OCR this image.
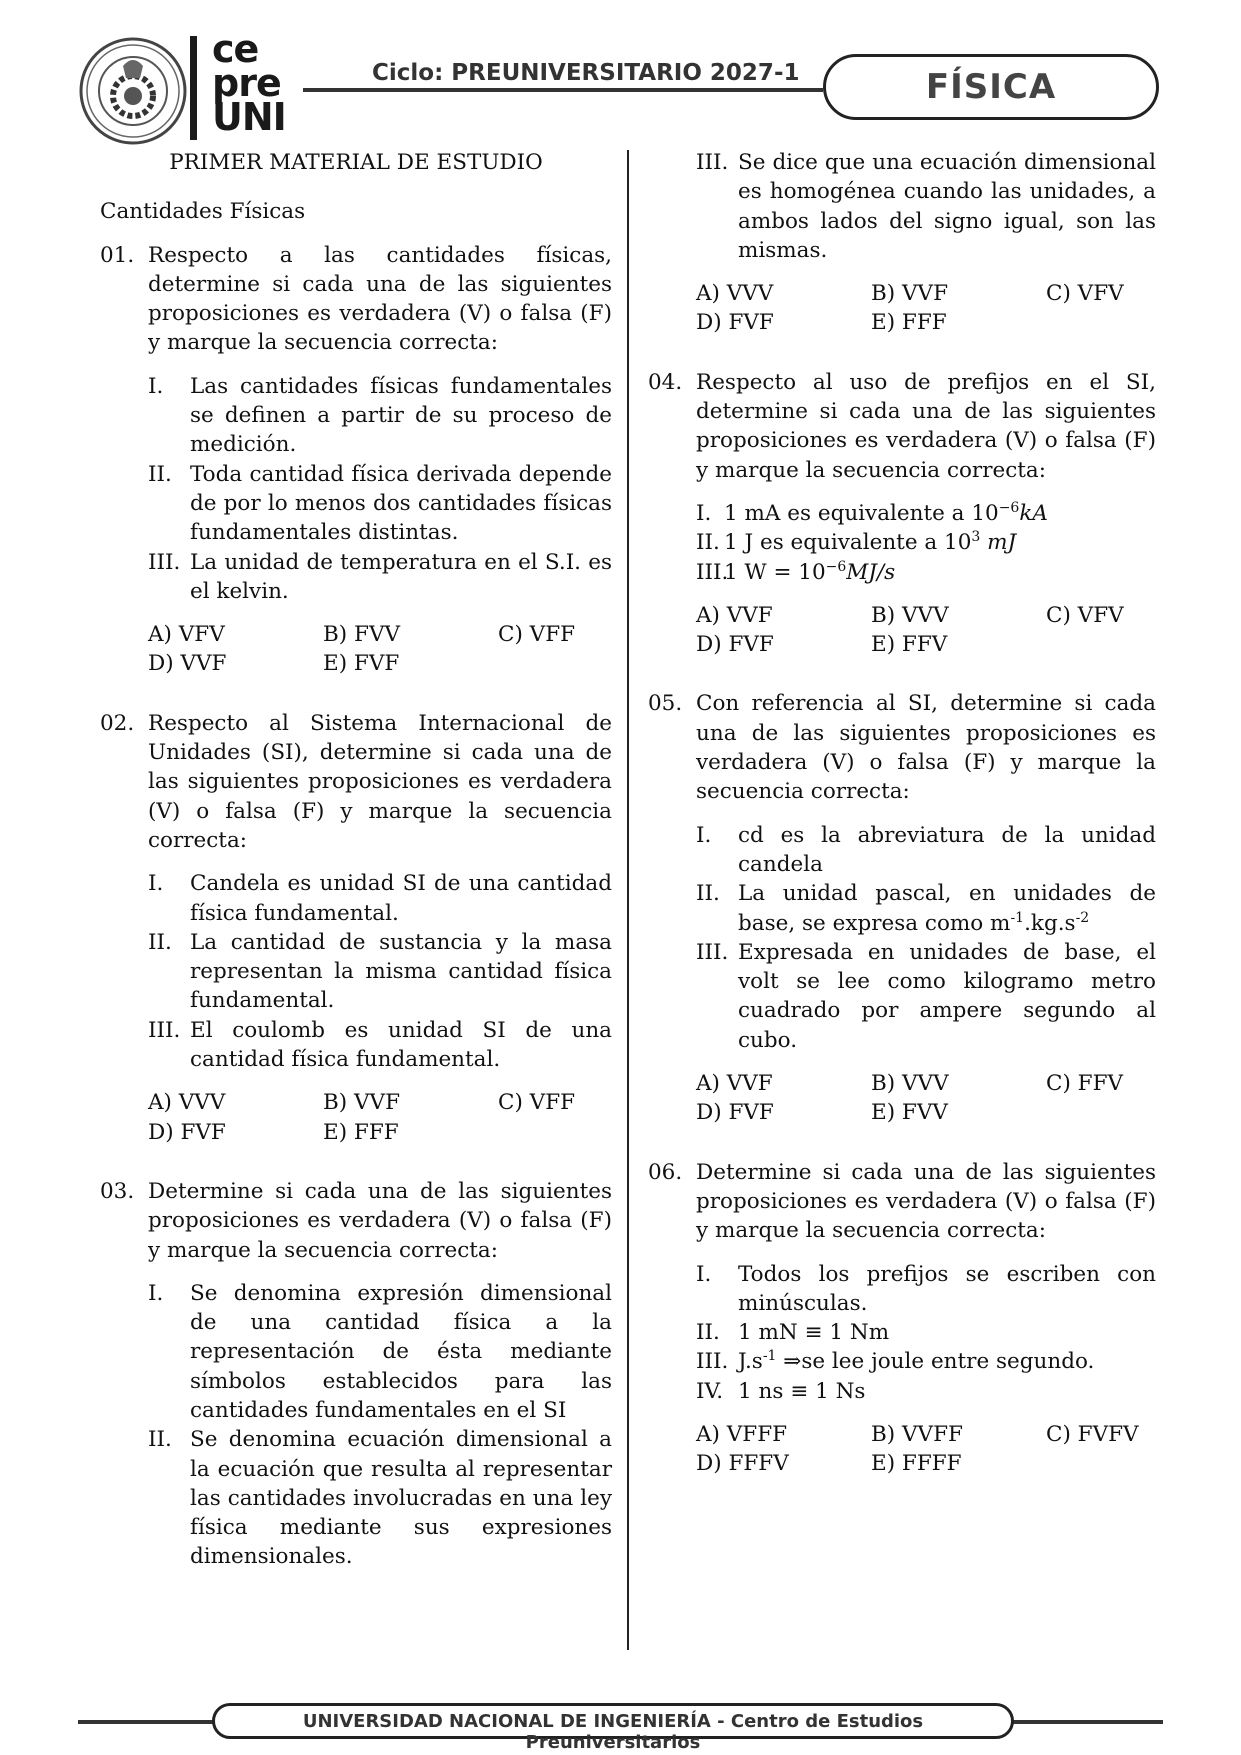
ce
pre
UNI
Ciclo: PREUNIVERSITARIO 2027-1	FÍSICA
PRIMER MATERIAL DE ESTUDIO
Cantidades Físicas
01. Respecto a las cantidades físicas, determine si cada una de las siguientes proposiciones es verdadera (V) o falsa (F) y marque la secuencia correcta:
I.	Las cantidades físicas fundamentales se definen a partir de su proceso de medición.
II. Toda cantidad física derivada depende de por lo menos dos cantidades físicas fundamentales distintas.
III. La unidad de temperatura en el S.I. es el kelvin.
A) VFV	B) FVV	C) VFF
D) VVF	E) FVF
02. Respecto al Sistema Internacional de Unidades (SI), determine si cada una de las siguientes proposiciones es verdadera (V) o falsa (F) y marque la secuencia correcta:
I.	Candela es unidad SI de una cantidad física fundamental.
II. La cantidad de sustancia y la masa representan la misma cantidad física fundamental.
III. El coulomb es unidad SI de una cantidad física fundamental.
A) VVV	B) VVF	C) VFF
D) FVF	E) FFF
03. Determine si cada una de las siguientes proposiciones es verdadera (V) o falsa (F) y marque la secuencia correcta:
I.	Se denomina expresión dimensional de una cantidad física a la representación de ésta mediante símbolos establecidos para las cantidades fundamentales en el SI
II. Se denomina ecuación dimensional a la ecuación que resulta al representar las cantidades involucradas en una ley física mediante sus expresiones dimensionales.
III. Se dice que una ecuación dimensional es homogénea cuando las unidades, a ambos lados del signo igual, son las mismas.
A) VVV	B) VVF	C) VFV
D) FVF	E) FFF
04. Respecto al uso de prefijos en el SI, determine si cada una de las siguientes proposiciones es verdadera (V) o falsa (F) y marque la secuencia correcta:
I. 1 mA es equivalente a $10^{-6}kA$
II. 1 J es equivalente a $10^3$ mJ
III.
1 $W = 10^{-6}MJ/s$
A) VVF	B) VVV	C) VFV
D) FVF	E) FFV
05. Con referencia al SI, determine si cada una de las siguientes proposiciones es verdadera (V) o falsa (F) y marque la secuencia correcta:
I.	cd es la abreviatura de la unidad candela
II. La unidad pascal, en unidades de base, se expresa como $m^{-1}.kg.s^{-2}$
III. Expresada en unidades de base, el volt se lee como kilogramo metro cuadrado por ampere segundo al cubo.
A) VVF	B) VVV	C) FFV
D) FVF	E) FVV
06. Determine si cada una de las siguientes proposiciones es verdadera (V) o falsa (F) y marque la secuencia correcta:
I.	Todos los prefijos se escriben con minúsculas.
II. 1 mN ≡ 1 Nm
III. $J.s^{-1}$ ⇒se lee joule entre segundo.
IV. 1 ns ≡ 1 Ns
A) VFFF	B) VVFF	C) FVFV
D) FFFV	E) FFFF
UNIVERSIDAD NACIONAL DE INGENIERÍA - Centro de Estudios Preuniversitarios
